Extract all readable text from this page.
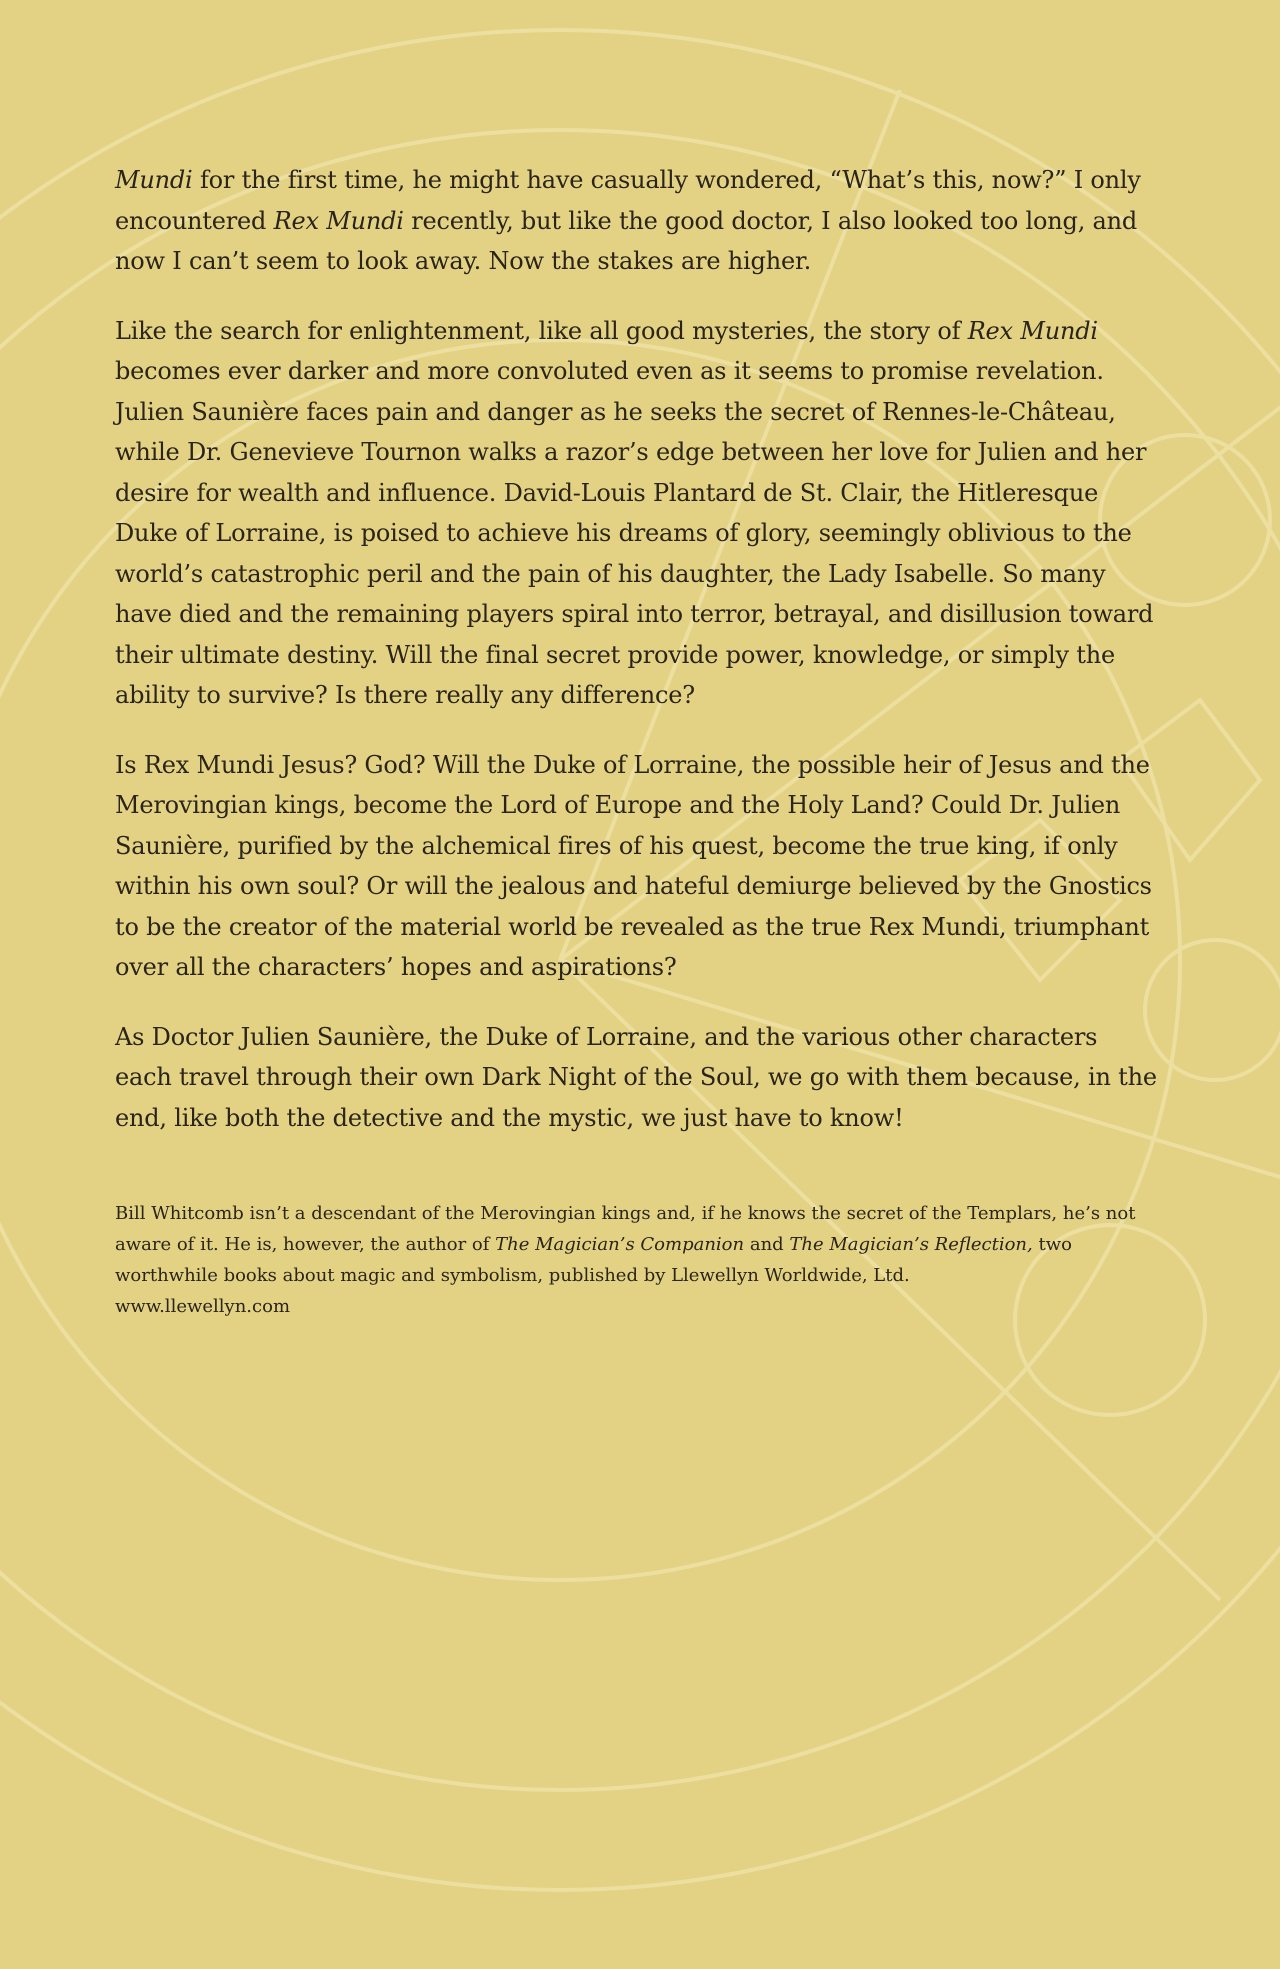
Mundi for the first time, he might have casually wondered, “What’s this, now?” I only encountered Rex Mundi recently, but like the good doctor, I also looked too long, and now I can’t seem to look away. Now the stakes are higher.

Like the search for enlightenment, like all good mysteries, the story of Rex Mundi becomes ever darker and more convoluted even as it seems to promise revelation. Julien Saunière faces pain and danger as he seeks the secret of Rennes-le-Château, while Dr. Genevieve Tournon walks a razor’s edge between her love for Julien and her desire for wealth and influence. David-Louis Plantard de St. Clair, the Hitleresque Duke of Lorraine, is poised to achieve his dreams of glory, seemingly oblivious to the world’s catastrophic peril and the pain of his daughter, the Lady Isabelle. So many have died and the remaining players spiral into terror, betrayal, and disillusion toward their ultimate destiny. Will the final secret provide power, knowledge, or simply the ability to survive? Is there really any difference?

Is Rex Mundi Jesus? God? Will the Duke of Lorraine, the possible heir of Jesus and the Merovingian kings, become the Lord of Europe and the Holy Land? Could Dr. Julien Saunière, purified by the alchemical fires of his quest, become the true king, if only within his own soul? Or will the jealous and hateful demiurge believed by the Gnostics to be the creator of the material world be revealed as the true Rex Mundi, triumphant over all the characters’ hopes and aspirations?

As Doctor Julien Saunière, the Duke of Lorraine, and the various other characters each travel through their own Dark Night of the Soul, we go with them because, in the end, like both the detective and the mystic, we just have to know!

Bill Whitcomb isn’t a descendant of the Merovingian kings and, if he knows the secret of the Templars, he’s not aware of it. He is, however, the author of The Magician’s Companion and The Magician’s Reflection, two worthwhile books about magic and symbolism, published by Llewellyn Worldwide, Ltd.
www.llewellyn.com
